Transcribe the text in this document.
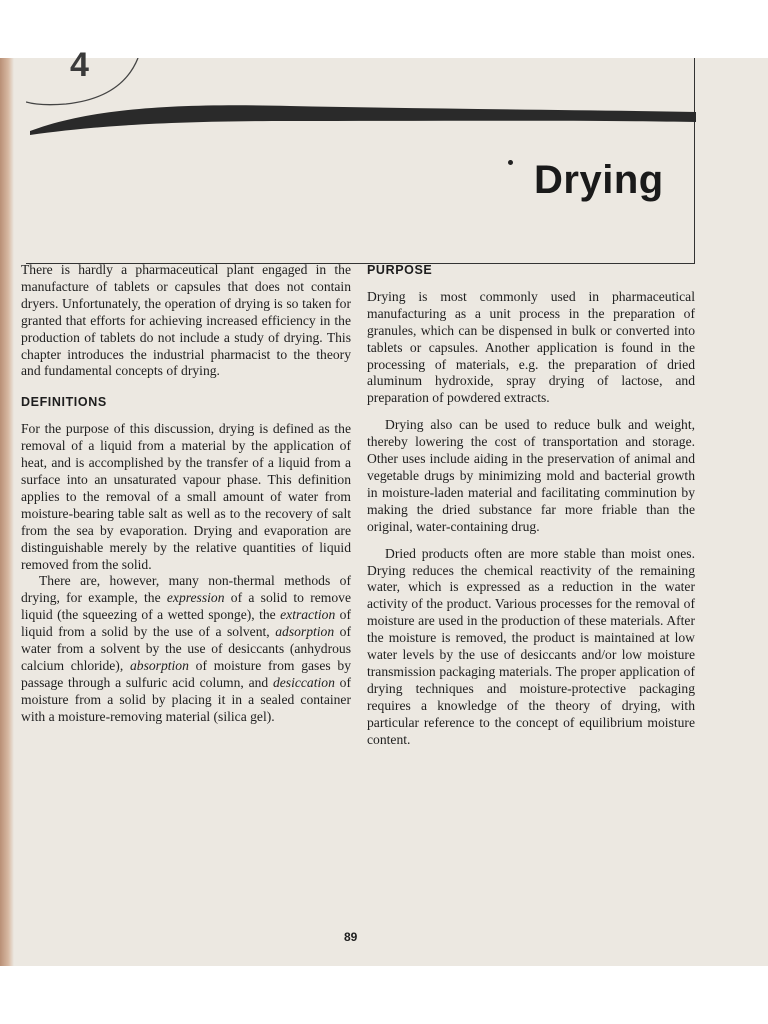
4
Drying

There is hardly a pharmaceutical plant engaged in the manufacture of tablets or capsules that does not contain dryers. Unfortunately, the operation of drying is so taken for granted that efforts for achieving increased efficiency in the production of tablets do not include a study of drying. This chapter introduces the industrial pharmacist to the theory and fundamental concepts of drying.

DEFINITIONS

For the purpose of this discussion, drying is defined as the removal of a liquid from a material by the application of heat, and is accomplished by the transfer of a liquid from a surface into an unsaturated vapour phase. This definition applies to the removal of a small amount of water from moisture-bearing table salt as well as to the recovery of salt from the sea by evaporation. Drying and evaporation are distinguishable merely by the relative quantities of liquid removed from the solid.

There are, however, many non-thermal methods of drying, for example, the expression of a solid to remove liquid (the squeezing of a wetted sponge), the extraction of liquid from a solid by the use of a solvent, adsorption of water from a solvent by the use of desiccants (anhydrous calcium chloride), absorption of moisture from gases by passage through a sulfuric acid column, and desiccation of moisture from a solid by placing it in a sealed container with a moisture-removing material (silica gel).

PURPOSE

Drying is most commonly used in pharmaceutical manufacturing as a unit process in the preparation of granules, which can be dispensed in bulk or converted into tablets or capsules. Another application is found in the processing of materials, e.g. the preparation of dried aluminum hydroxide, spray drying of lactose, and preparation of powdered extracts.

Drying also can be used to reduce bulk and weight, thereby lowering the cost of transportation and storage. Other uses include aiding in the preservation of animal and vegetable drugs by minimizing mold and bacterial growth in moisture-laden material and facilitating comminution by making the dried substance far more friable than the original, water-containing drug.

Dried products often are more stable than moist ones. Drying reduces the chemical reactivity of the remaining water, which is expressed as a reduction in the water activity of the product. Various processes for the removal of moisture are used in the production of these materials. After the moisture is removed, the product is maintained at low water levels by the use of desiccants and/or low moisture transmission packaging materials. The proper application of drying techniques and moisture-protective packaging requires a knowledge of the theory of drying, with particular reference to the concept of equilibrium moisture content.

89
